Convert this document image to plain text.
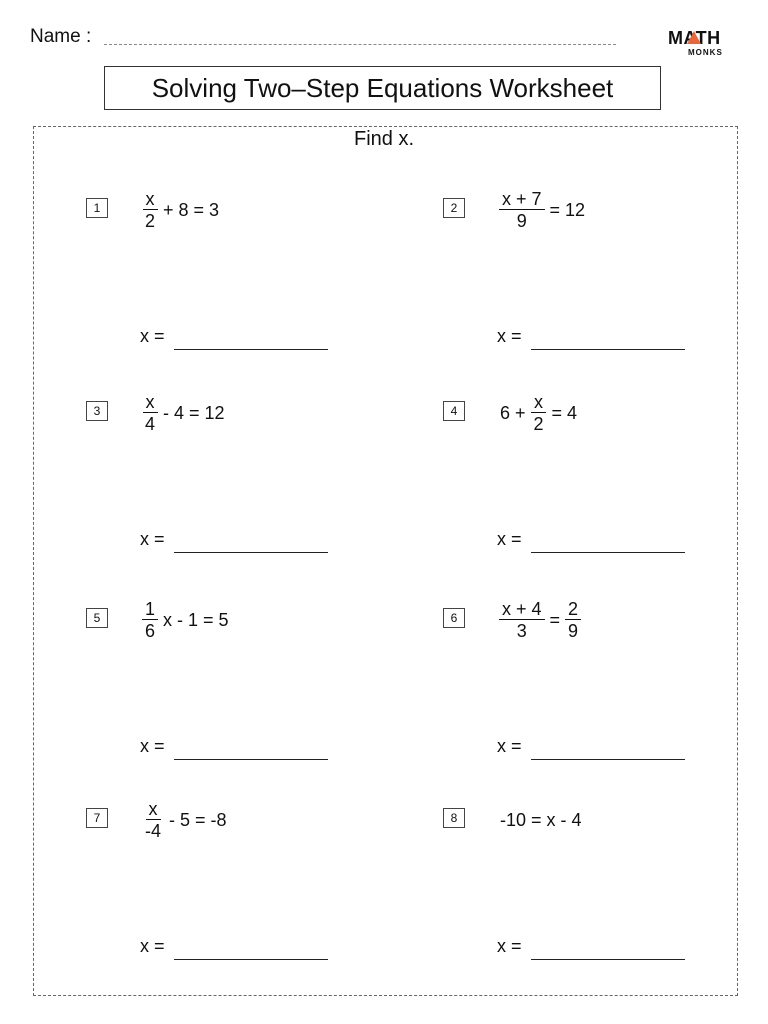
Name :	MATH
MONKS
Solving Two–Step Equations Worksheet
Find x.
1	$\frac{x}{2} + 8 = 3$
x =
2	$\frac{x + 7}{9} = 12$
x =
3	$\frac{x}{4} - 4 = 12$
x =
4	$6 + \frac{x}{2} = 4$
x =
5	$\frac{1}{6}$ x - 1 = 5
x =
6	$\frac{x + 4}{3} = \frac{2}{9}$
x =
7	$\frac{x}{-4} - 5 = -8$
x =
8	-10 = x - 4
x =
